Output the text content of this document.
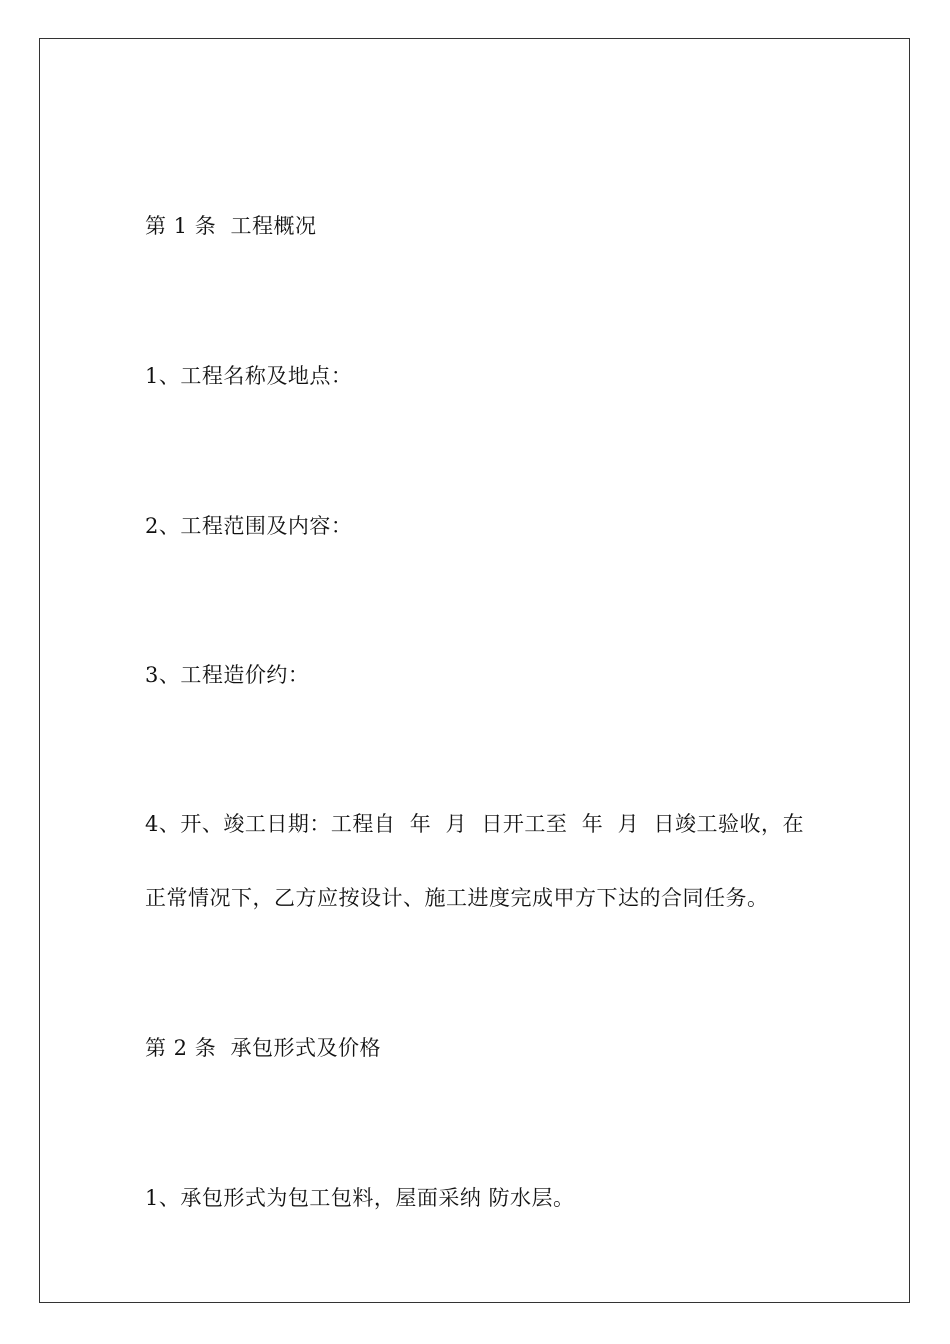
第 1 条  工程概况
1、工程名称及地点：
2、工程范围及内容：
3、工程造价约：
4、开、竣工日期：工程自  年  月  日开工至  年  月  日竣工验收，在
正常情况下，乙方应按设计、施工进度完成甲方下达的合同任务。
第 2 条  承包形式及价格
1、承包形式为包工包料，屋面采纳 防水层。
